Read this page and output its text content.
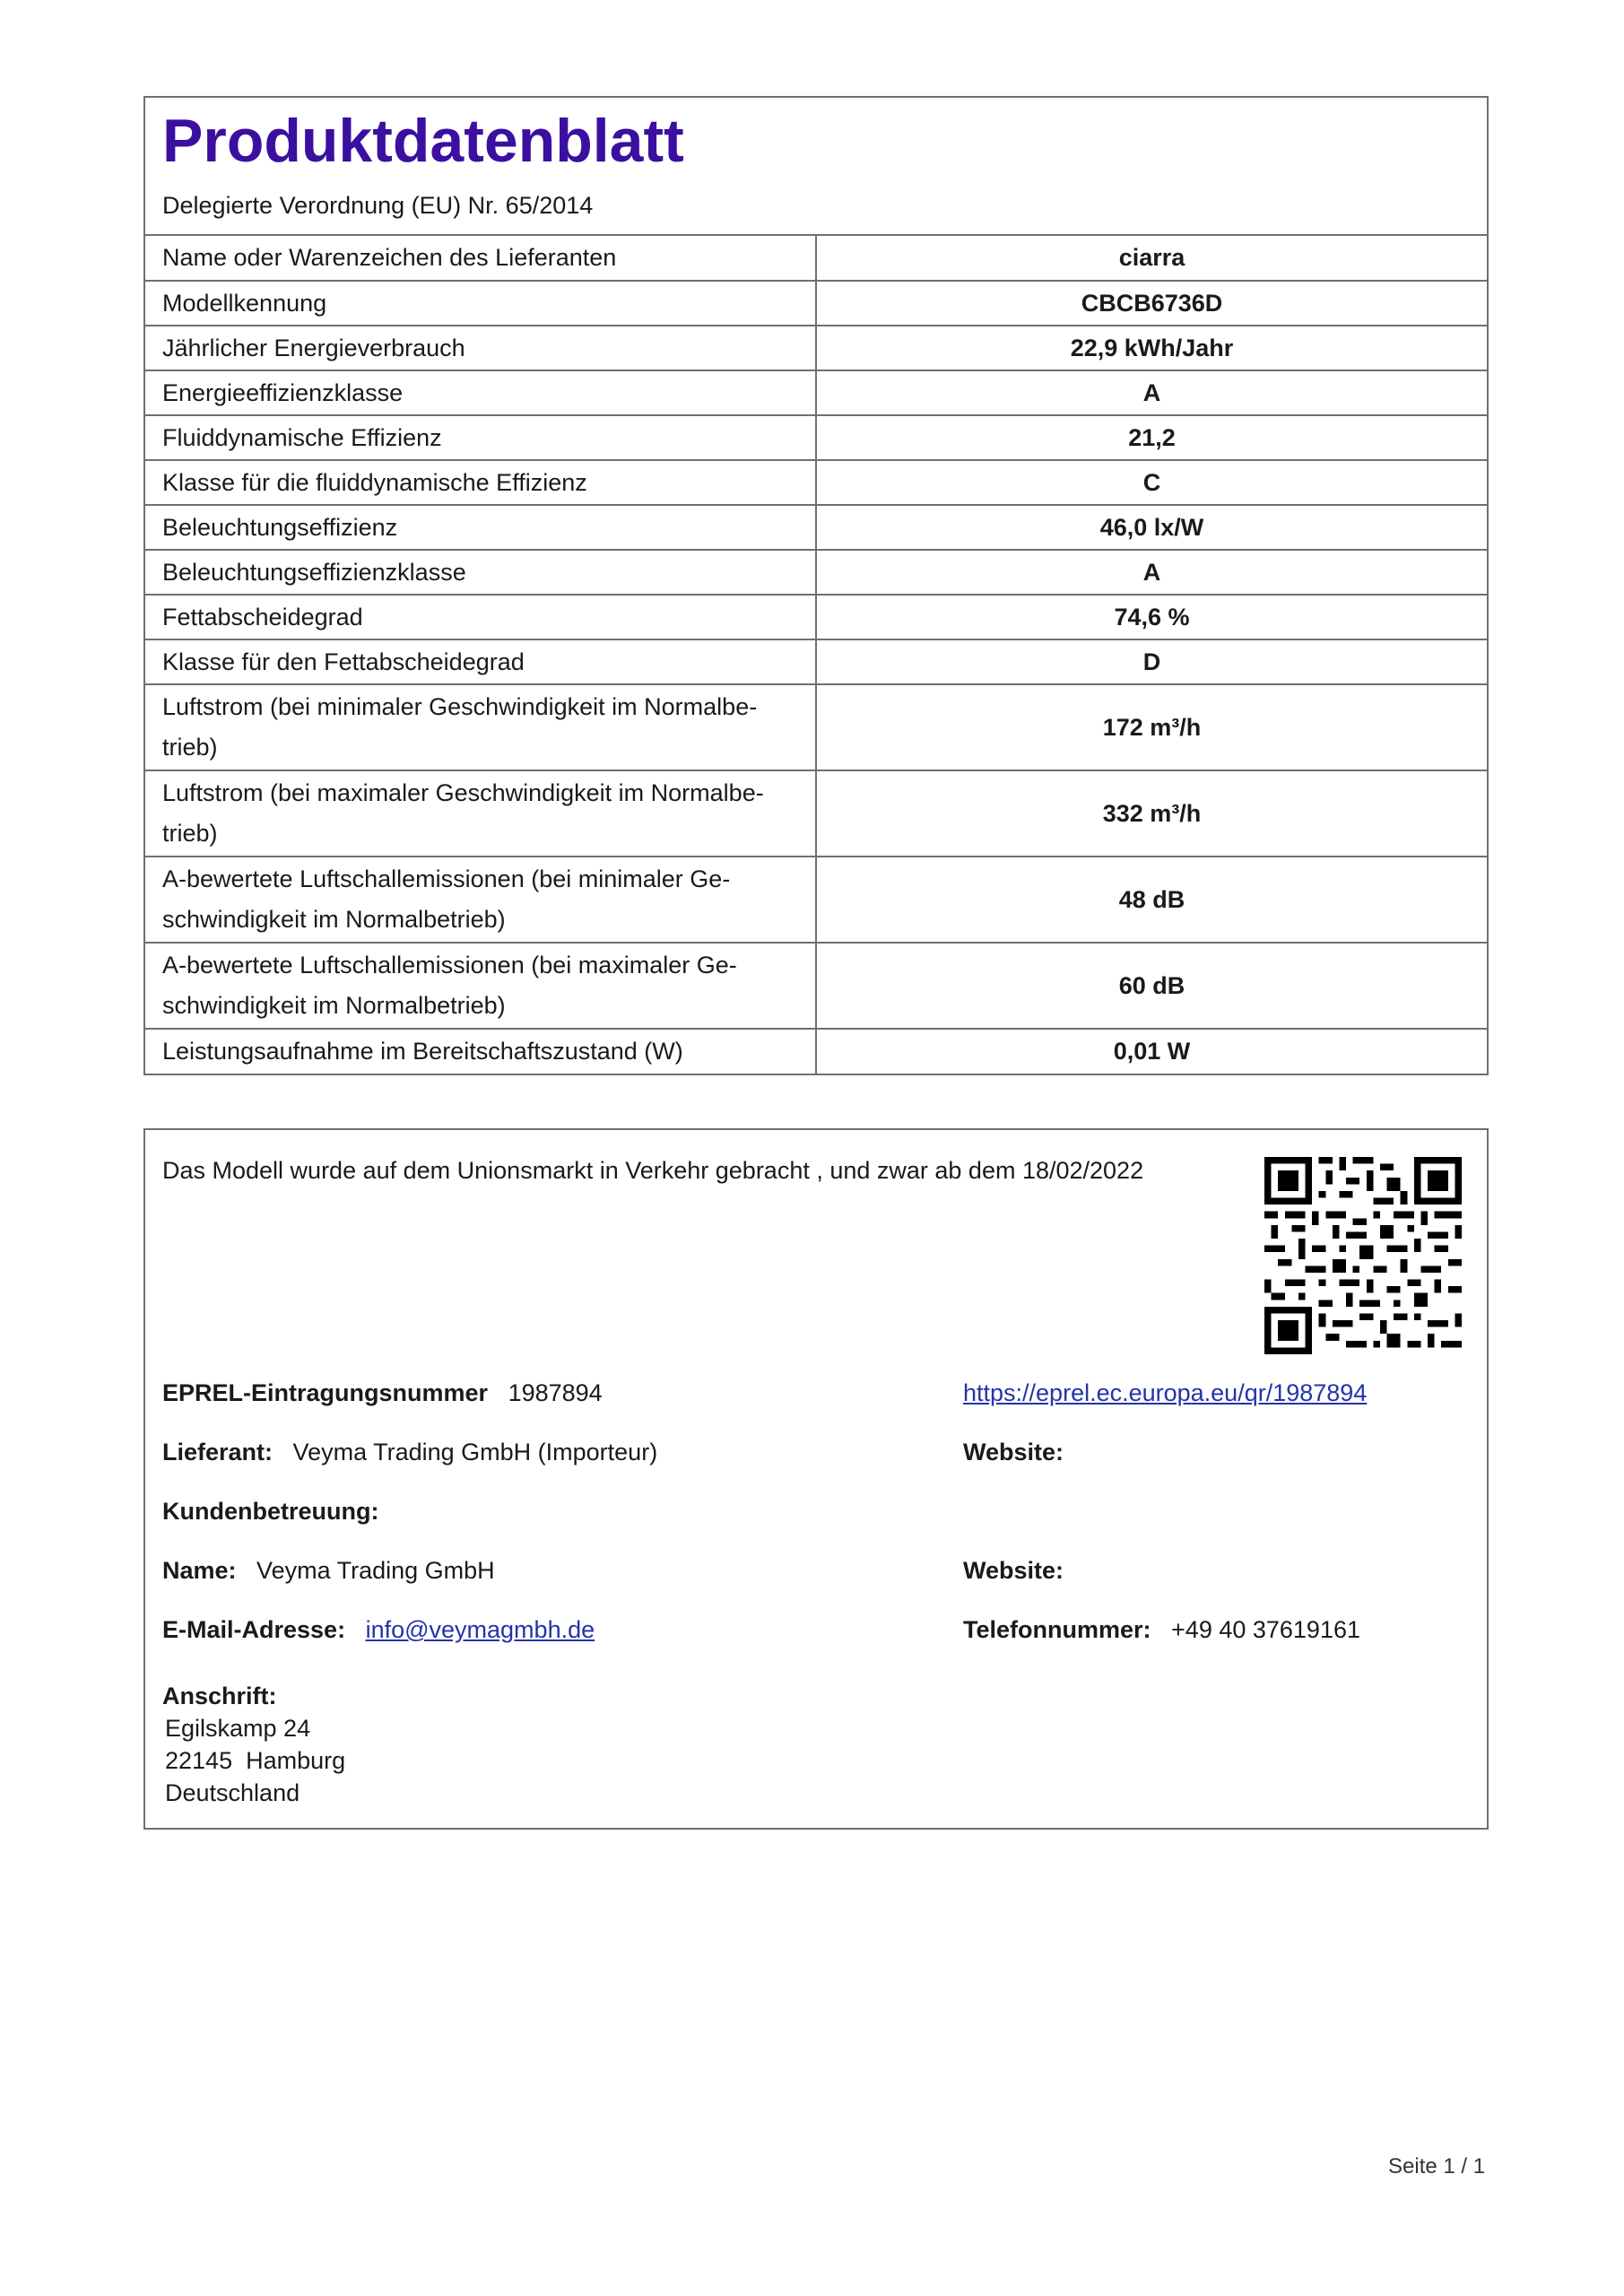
Produktdatenblatt
Delegierte Verordnung (EU) Nr. 65/2014
Name oder Warenzeichen des Lieferanten	ciarra
Modellkennung	CBCB6736D
Jährlicher Energieverbrauch	22,9 kWh/Jahr
Energieeffizienzklasse	A
Fluiddynamische Effizienz	21,2
Klasse für die fluiddynamische Effizienz	C
Beleuchtungseffizienz	46,0 lx/W
Beleuchtungseffizienzklasse	A
Fettabscheidegrad	74,6 %
Klasse für den Fettabscheidegrad	D
Luftstrom (bei minimaler Geschwindigkeit im Normalbe-
trieb)	172 m³/h
Luftstrom (bei maximaler Geschwindigkeit im Normalbe-
trieb)	332 m³/h
A-bewertete Luftschallemissionen (bei minimaler Ge-
schwindigkeit im Normalbetrieb)	48 dB
A-bewertete Luftschallemissionen (bei maximaler Ge-
schwindigkeit im Normalbetrieb)	60 dB
Leistungsaufnahme im Bereitschaftszustand (W)	0,01 W
Das Modell wurde auf dem Unionsmarkt in Verkehr gebracht , und zwar ab dem 18/02/2022
EPREL-Eintragungsnummer 1987894	https://eprel.ec.europa.eu/qr/1987894
Lieferant: Veyma Trading GmbH (Importeur)	Website:
Kundenbetreuung:
Name: Veyma Trading GmbH	Website:
E-Mail-Adresse: info@veymagmbh.de	Telefonnummer: +49 40 37619161
Anschrift:
Egilskamp 24
22145  Hamburg
Deutschland
Seite 1 / 1
